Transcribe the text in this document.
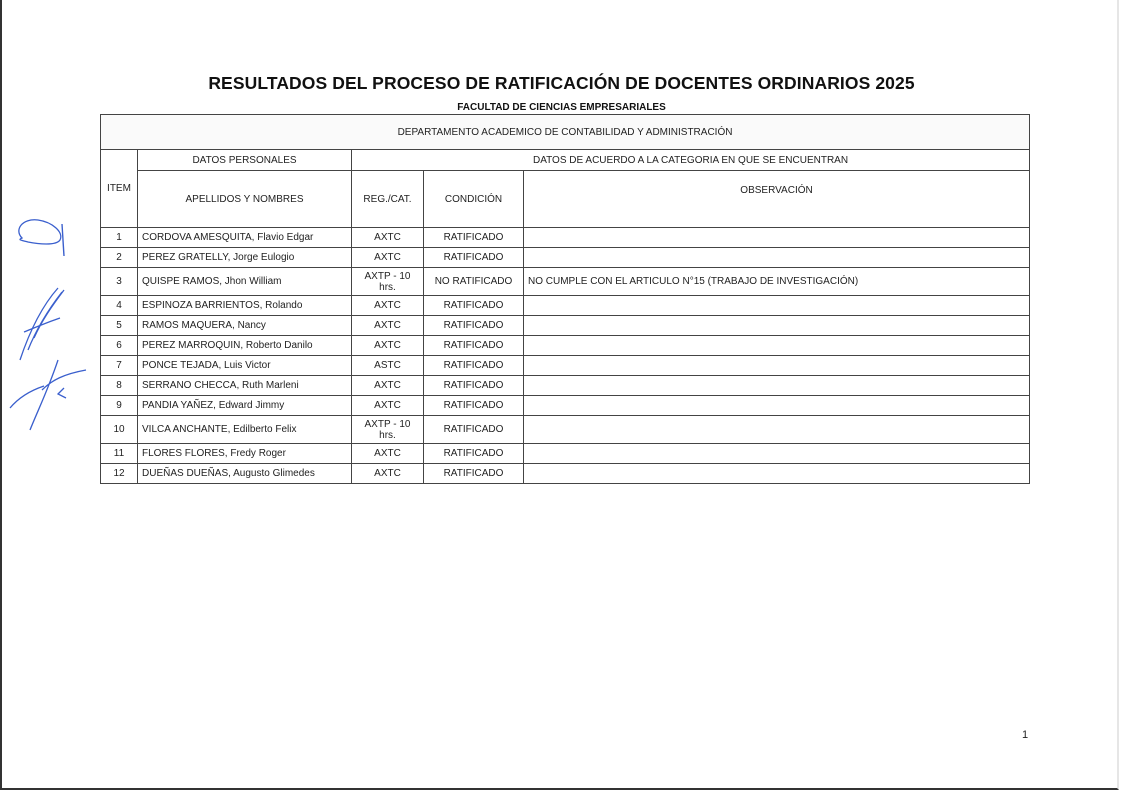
RESULTADOS DEL PROCESO DE RATIFICACIÓN DE DOCENTES ORDINARIOS 2025
FACULTAD DE CIENCIAS EMPRESARIALES
DEPARTAMENTO ACADEMICO DE CONTABILIDAD Y ADMINISTRACIÓN				
ITEM	DATOS PERSONALES	DATOS DE ACUERDO A LA CATEGORIA EN QUE SE ENCUENTRAN		
	APELLIDOS Y NOMBRES	REG./CAT.	CONDICIÓN	OBSERVACIÓN
1	CORDOVA AMESQUITA, Flavio Edgar	AXTC	RATIFICADO	
2	PEREZ GRATELLY, Jorge Eulogio	AXTC	RATIFICADO	
3	QUISPE RAMOS, Jhon William	AXTP - 10 hrs.	NO RATIFICADO	NO CUMPLE CON EL ARTICULO N°15 (TRABAJO DE INVESTIGACIÓN)
4	ESPINOZA BARRIENTOS, Rolando	AXTC	RATIFICADO	
5	RAMOS MAQUERA, Nancy	AXTC	RATIFICADO	
6	PEREZ MARROQUIN, Roberto Danilo	AXTC	RATIFICADO	
7	PONCE TEJADA, Luis Victor	ASTC	RATIFICADO	
8	SERRANO CHECCA, Ruth Marleni	AXTC	RATIFICADO	
9	PANDIA YAÑEZ, Edward Jimmy	AXTC	RATIFICADO	
10	VILCA ANCHANTE, Edilberto Felix	AXTP - 10 hrs.	RATIFICADO	
11	FLORES FLORES, Fredy Roger	AXTC	RATIFICADO	
12	DUEÑAS DUEÑAS, Augusto Glimedes	AXTC	RATIFICADO	
1
